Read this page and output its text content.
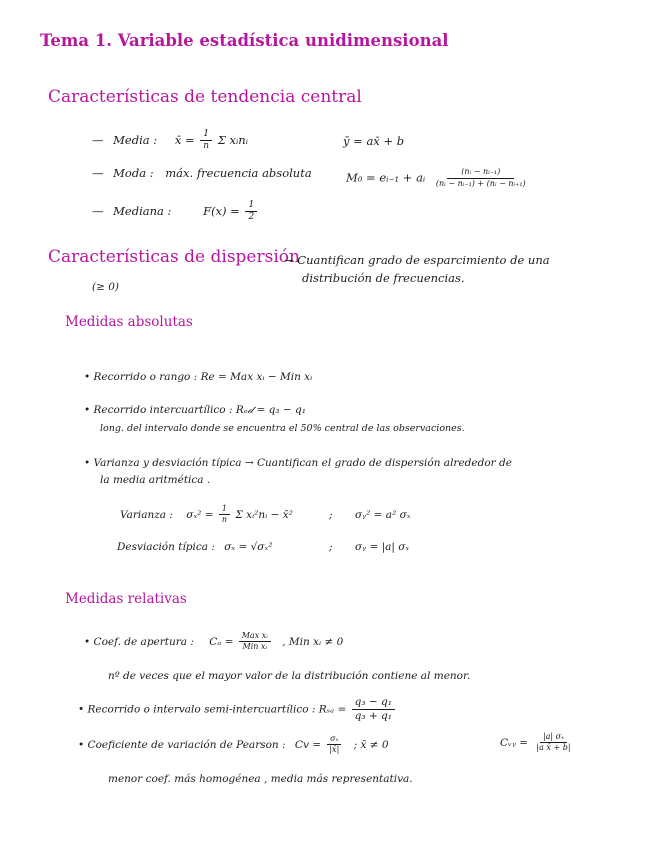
Tema 1. Variable estadística unidimensional
Características de tendencia central
— Media : x̄ = $\frac{1}{n}$ Σ xᵢnᵢ	ȳ = ax̄ + b
— Moda : máx. frecuencia absoluta	M₀ = eᵢ₋₁ + aᵢ $\frac{\text{(nᵢ − nᵢ₋₁)}}{\text{(nᵢ − nᵢ₋₁) + (nᵢ − nᵢ₊₁)}}$
— Mediana :	$F(x) = \frac{1}{2}$
Características de dispersión
→ Cuantifican grado de esparcimiento de una
distribución de frecuencias.
(≥ 0)
Medidas absolutas
• Recorrido o rango : Re = Max xᵢ − Min xᵢ
• Recorrido intercuartílico : Rₑ𝒹 = q₃ − q₁
long. del intervalo donde se encuentra el 50% central de las observaciones.
• Varianza y desviación típica → Cuantifican el grado de dispersión alrededor de
la media aritmética .
Varianza : $\sigma_x^2 = \frac{1}{n}$ Σ xᵢ²nᵢ − x̄²	; σᵧ² = a² σₓ
Desviación típica : σₓ = √σₓ²	; σᵧ = |a| σₓ
Medidas relativas
• Coef. de apertura : $C_a = \frac{\text{Max xᵢ}}{\text{Min xᵢ}}$ , Min xᵢ ≠ 0
nº de veces que el mayor valor de la distribución contiene al menor.
• Recorrido o intervalo semi-intercuartílico : $R_{sa} = \frac{\text{q₃ − q₁}}{\text{q₃ + q₁}}$
• Coeficiente de variación de Pearson : $Cv = \frac{\text{σₓ}}{|x̄|}$ ; x̄ ≠ 0	Cᵥᵧ = $\frac{\text{|a| σₓ}}{\text{|a x̄ + b|}}$
menor coef. más homogénea , media más representativa.
